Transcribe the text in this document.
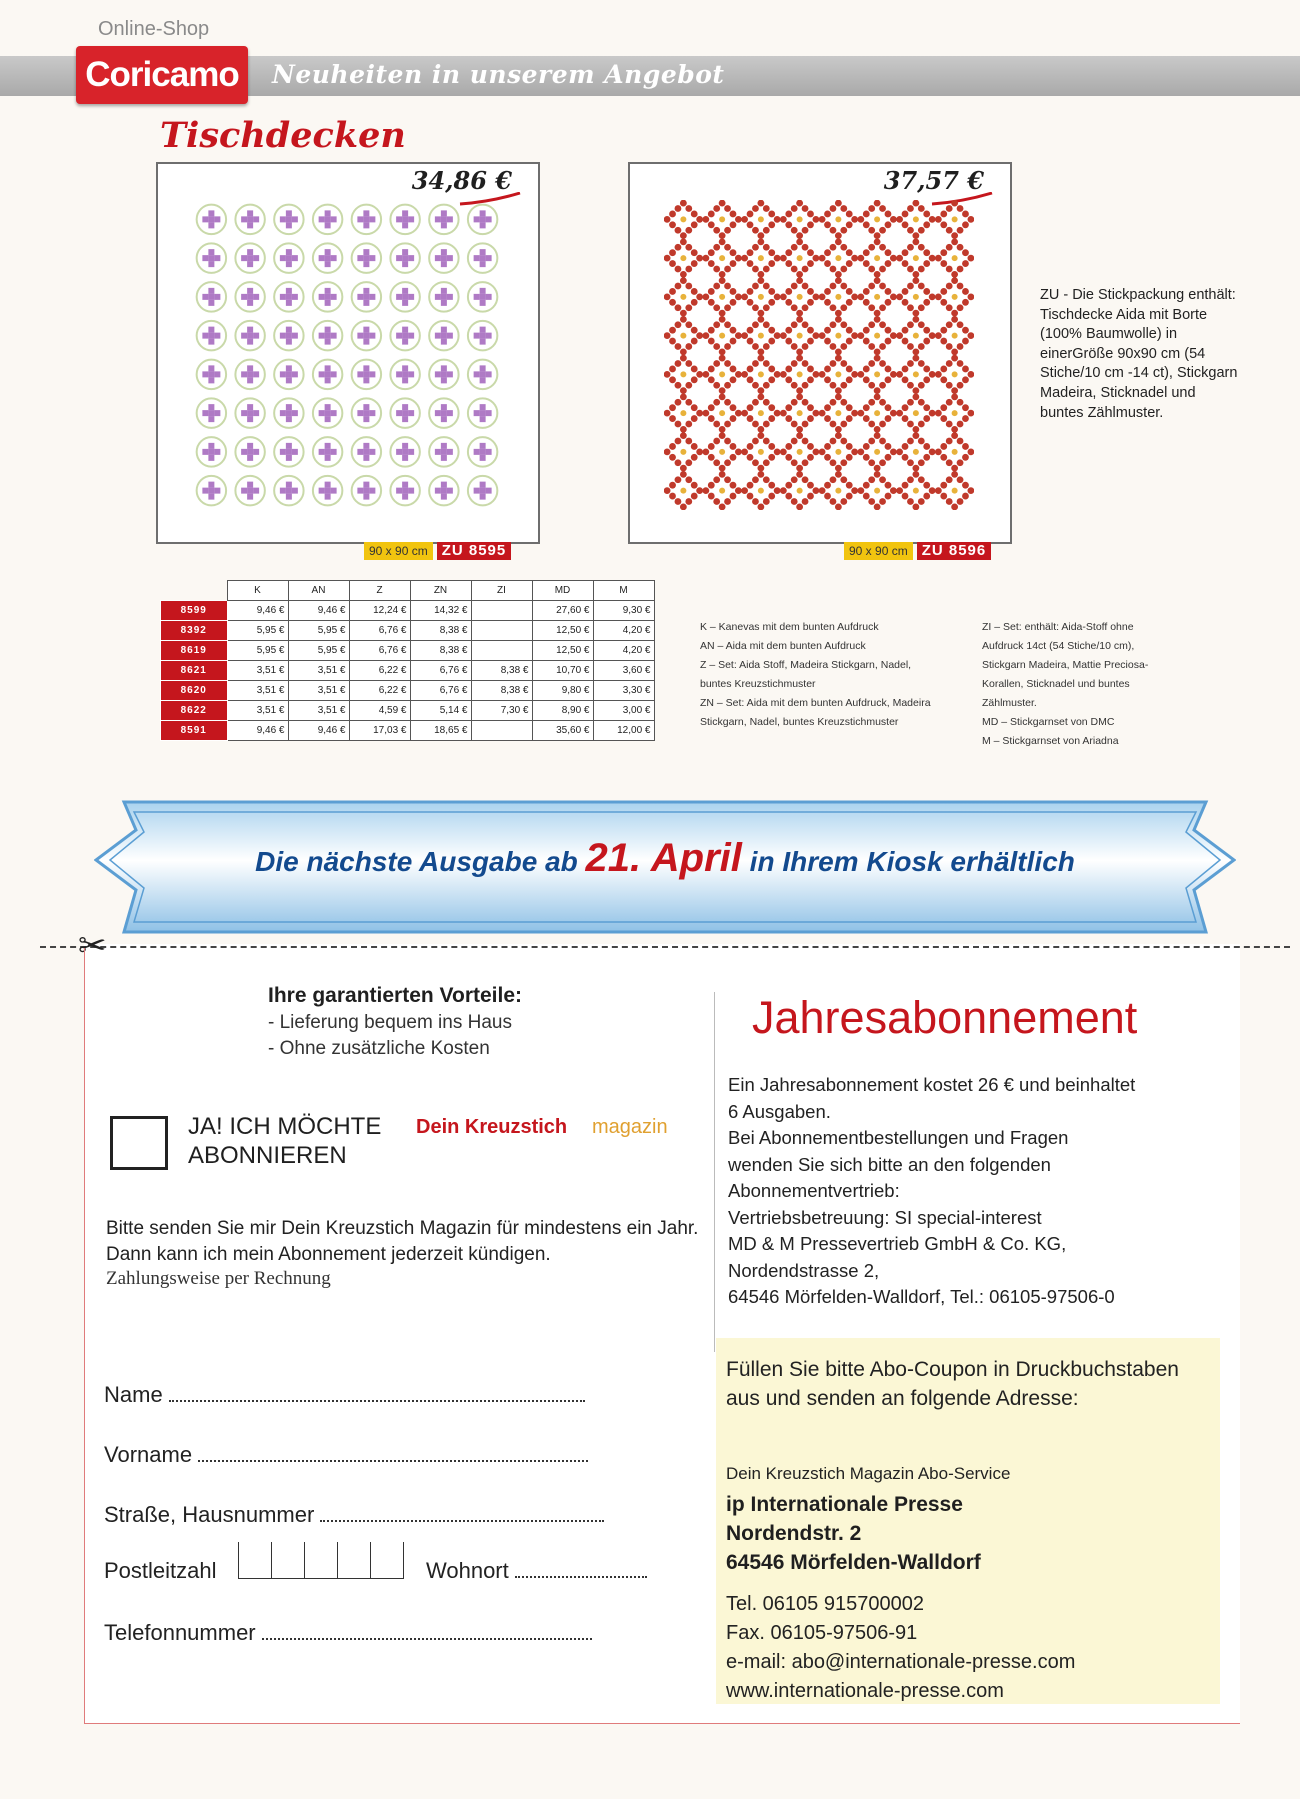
Online-Shop
Coricamo	Neuheiten in unserem Angebot
Tischdecken
34,86 €
90 x 90 cm ZU 8595
37,57 €
90 x 90 cm ZU 8596
ZU - Die Stickpackung enthält: Tischdecke Aida mit Borte (100% Baumwolle) in einerGröße 90x90 cm (54 Stiche/10 cm -14 ct), Stickgarn Madeira, Sticknadel und buntes Zählmuster.
	K	AN	Z	ZN	ZI	MD	M
8599	9,46 €	9,46 €	12,24 €	14,32 €		27,60 €	9,30 €
8392	5,95 €	5,95 €	6,76 €	8,38 €		12,50 €	4,20 €
8619	5,95 €	5,95 €	6,76 €	8,38 €		12,50 €	4,20 €
8621	3,51 €	3,51 €	6,22 €	6,76 €	8,38 €	10,70 €	3,60 €
8620	3,51 €	3,51 €	6,22 €	6,76 €	8,38 €	9,80 €	3,30 €
8622	3,51 €	3,51 €	4,59 €	5,14 €	7,30 €	8,90 €	3,00 €
8591	9,46 €	9,46 €	17,03 €	18,65 €		35,60 €	12,00 €
K – Kanevas mit dem bunten Aufdruck
AN – Aida mit dem bunten Aufdruck
Z – Set: Aida Stoff, Madeira Stickgarn, Nadel,
buntes Kreuzstichmuster
ZN – Set: Aida mit dem bunten Aufdruck, Madeira
Stickgarn, Nadel, buntes Kreuzstichmuster
ZI – Set: enthält: Aida-Stoff ohne
Aufdruck 14ct (54 Stiche/10 cm),
Stickgarn Madeira, Mattie Preciosa-
Korallen, Sticknadel und buntes
Zählmuster.
MD – Stickgarnset von DMC
M – Stickgarnset von Ariadna
Die nächste Ausgabe ab 21. April in Ihrem Kiosk erhältlich
✂
Ihre garantierten Vorteile:
- Lieferung bequem ins Haus
- Ohne zusätzliche Kosten
JA! ICH MÖCHTE Dein Kreuzstich magazin
ABONNIEREN
Bitte senden Sie mir Dein Kreuzstich Magazin für mindestens ein Jahr. Dann kann ich mein Abonnement jederzeit kündigen.
Zahlungsweise per Rechnung
Name
Vorname
Straße, Hausnummer
Postleitzahl	Wohnort
Telefonnummer
Jahresabonnement
Ein Jahresabonnement kostet 26 € und beinhaltet
6 Ausgaben.
Bei Abonnementbestellungen und Fragen
wenden Sie sich bitte an den folgenden
Abonnementvertrieb:
Vertriebsbetreuung: SI special-interest
MD & M Pressevertrieb GmbH & Co. KG,
Nordendstrasse 2,
64546 Mörfelden-Walldorf, Tel.: 06105-97506-0
Füllen Sie bitte Abo-Coupon in Druckbuchstaben aus und senden an folgende Adresse:
Dein Kreuzstich Magazin Abo-Service
ip Internationale Presse
Nordendstr. 2
64546 Mörfelden-Walldorf
Tel. 06105 915700002
Fax. 06105-97506-91
e-mail: abo@internationale-presse.com
www.internationale-presse.com
